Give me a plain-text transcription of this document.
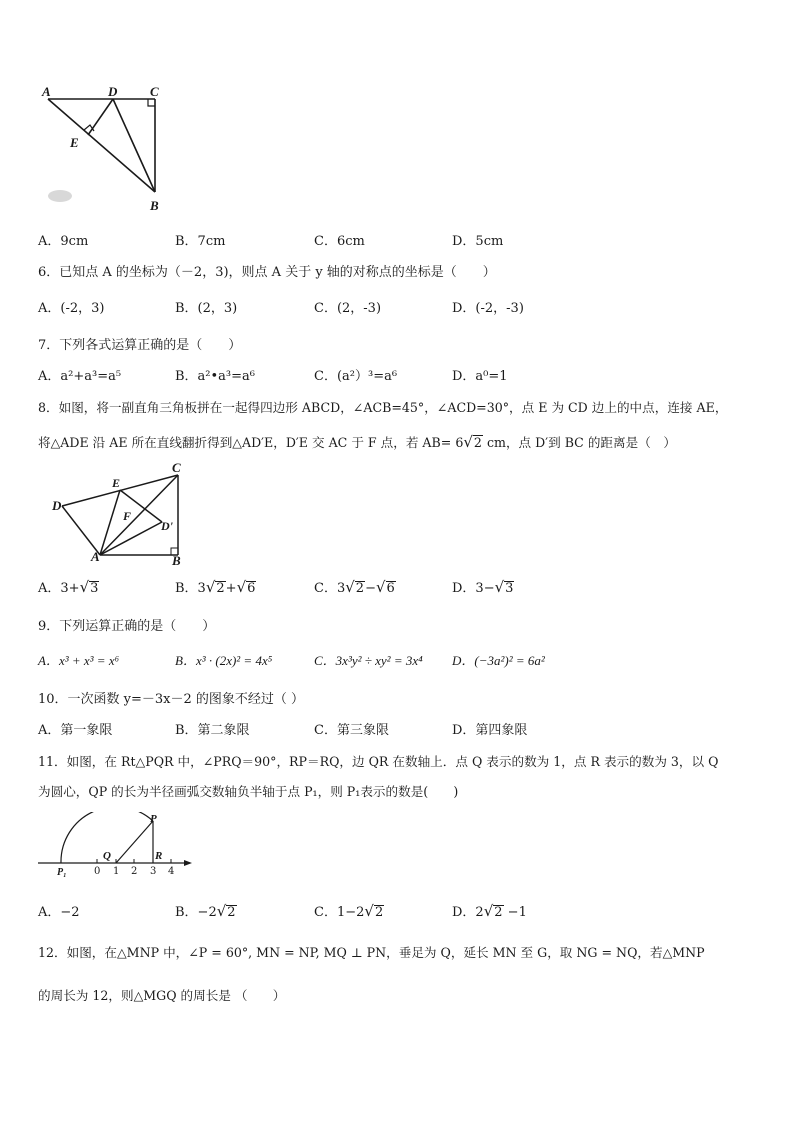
A	D	C
E
B
A．9cm	B．7cm	C．6cm	D．5cm
6．已知点 A 的坐标为（－2，3)，则点 A 关于 y 轴的对称点的坐标是（　　）
A．(-2，3)	B．(2，3)	C．(2，-3)	D．(-2，-3)
7．下列各式运算正确的是（　　）
A．a²+a³=a⁵	B．a²•a³=a⁶	C．(a²）³=a⁶	D．a⁰=1
8．如图，将一副直角三角板拼在一起得四边形 ABCD，∠ACB=45°，∠ACD=30°，点 E 为 CD 边上的中点，连接 AE，
将△ADE 沿 AE 所在直线翻折得到△AD′E，D′E 交 AC 于 F 点，若 AB= 6√2 cm，点 D′到 BC 的距离是（　）
C
E
D
F
D'
A	B
A．3+√3	B．3√2+√6	C．3√2−√6	D．3−√3
9．下列运算正确的是（　　）
A．x³ + x³ = x⁶	B．x³ · (2x)² = 4x⁵	C．3x³y² ÷ xy² = 3x⁴ D．(−3a²)² = 6a²
10．一次函数 y=－3x－2 的图象不经过（ ）
A．第一象限	B．第二象限	C．第三象限	D．第四象限
11．如图，在 Rt△PQR 中，∠PRQ＝90°，RP＝RQ，边 QR 在数轴上．点 Q 表示的数为 1，点 R 表示的数为 3，以 Q
为圆心，QP 的长为半径画弧交数轴负半轴于点 P₁，则 P₁表示的数是(　　)
P
Q	R
P₁	0 1 2 3 4
A．−2	B．−2√2	C．1−2√2	D．2√2 −1
12．如图，在△MNP 中，∠P = 60°, MN = NP, MQ ⊥ PN，垂足为 Q，延长 MN 至 G，取 NG = NQ，若△MNP
的周长为 12，则△MGQ 的周长是 （　　）
